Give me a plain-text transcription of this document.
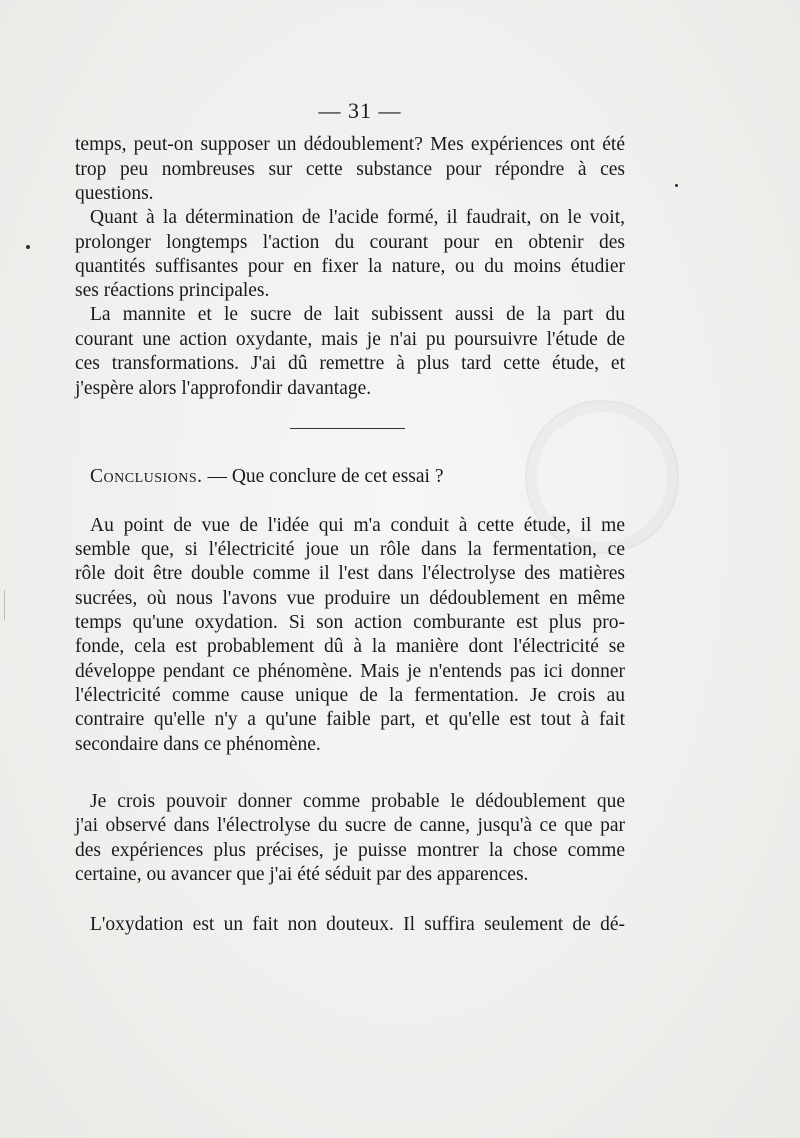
— 31 —
temps, peut-on supposer un dédoublement? Mes expériences ont été
trop peu nombreuses sur cette substance pour répondre à ces
questions.
Quant à la détermination de l'acide formé, il faudrait, on le voit,
prolonger longtemps l'action du courant pour en obtenir des
quantités suffisantes pour en fixer la nature, ou du moins étudier
ses réactions principales.
La mannite et le sucre de lait subissent aussi de la part du
courant une action oxydante, mais je n'ai pu poursuivre l'étude de
ces transformations. J'ai dû remettre à plus tard cette étude, et
j'espère alors l'approfondir davantage.
Conclusions. — Que conclure de cet essai ?
Au point de vue de l'idée qui m'a conduit à cette étude, il me
semble que, si l'électricité joue un rôle dans la fermentation, ce
rôle doit être double comme il l'est dans l'électrolyse des matières
sucrées, où nous l'avons vue produire un dédoublement en même
temps qu'une oxydation. Si son action comburante est plus pro-
fonde, cela est probablement dû à la manière dont l'électricité se
développe pendant ce phénomène. Mais je n'entends pas ici donner
l'électricité comme cause unique de la fermentation. Je crois au
contraire qu'elle n'y a qu'une faible part, et qu'elle est tout à fait
secondaire dans ce phénomène.
Je crois pouvoir donner comme probable le dédoublement que
j'ai observé dans l'électrolyse du sucre de canne, jusqu'à ce que par
des expériences plus précises, je puisse montrer la chose comme
certaine, ou avancer que j'ai été séduit par des apparences.
L'oxydation est un fait non douteux. Il suffira seulement de dé-
